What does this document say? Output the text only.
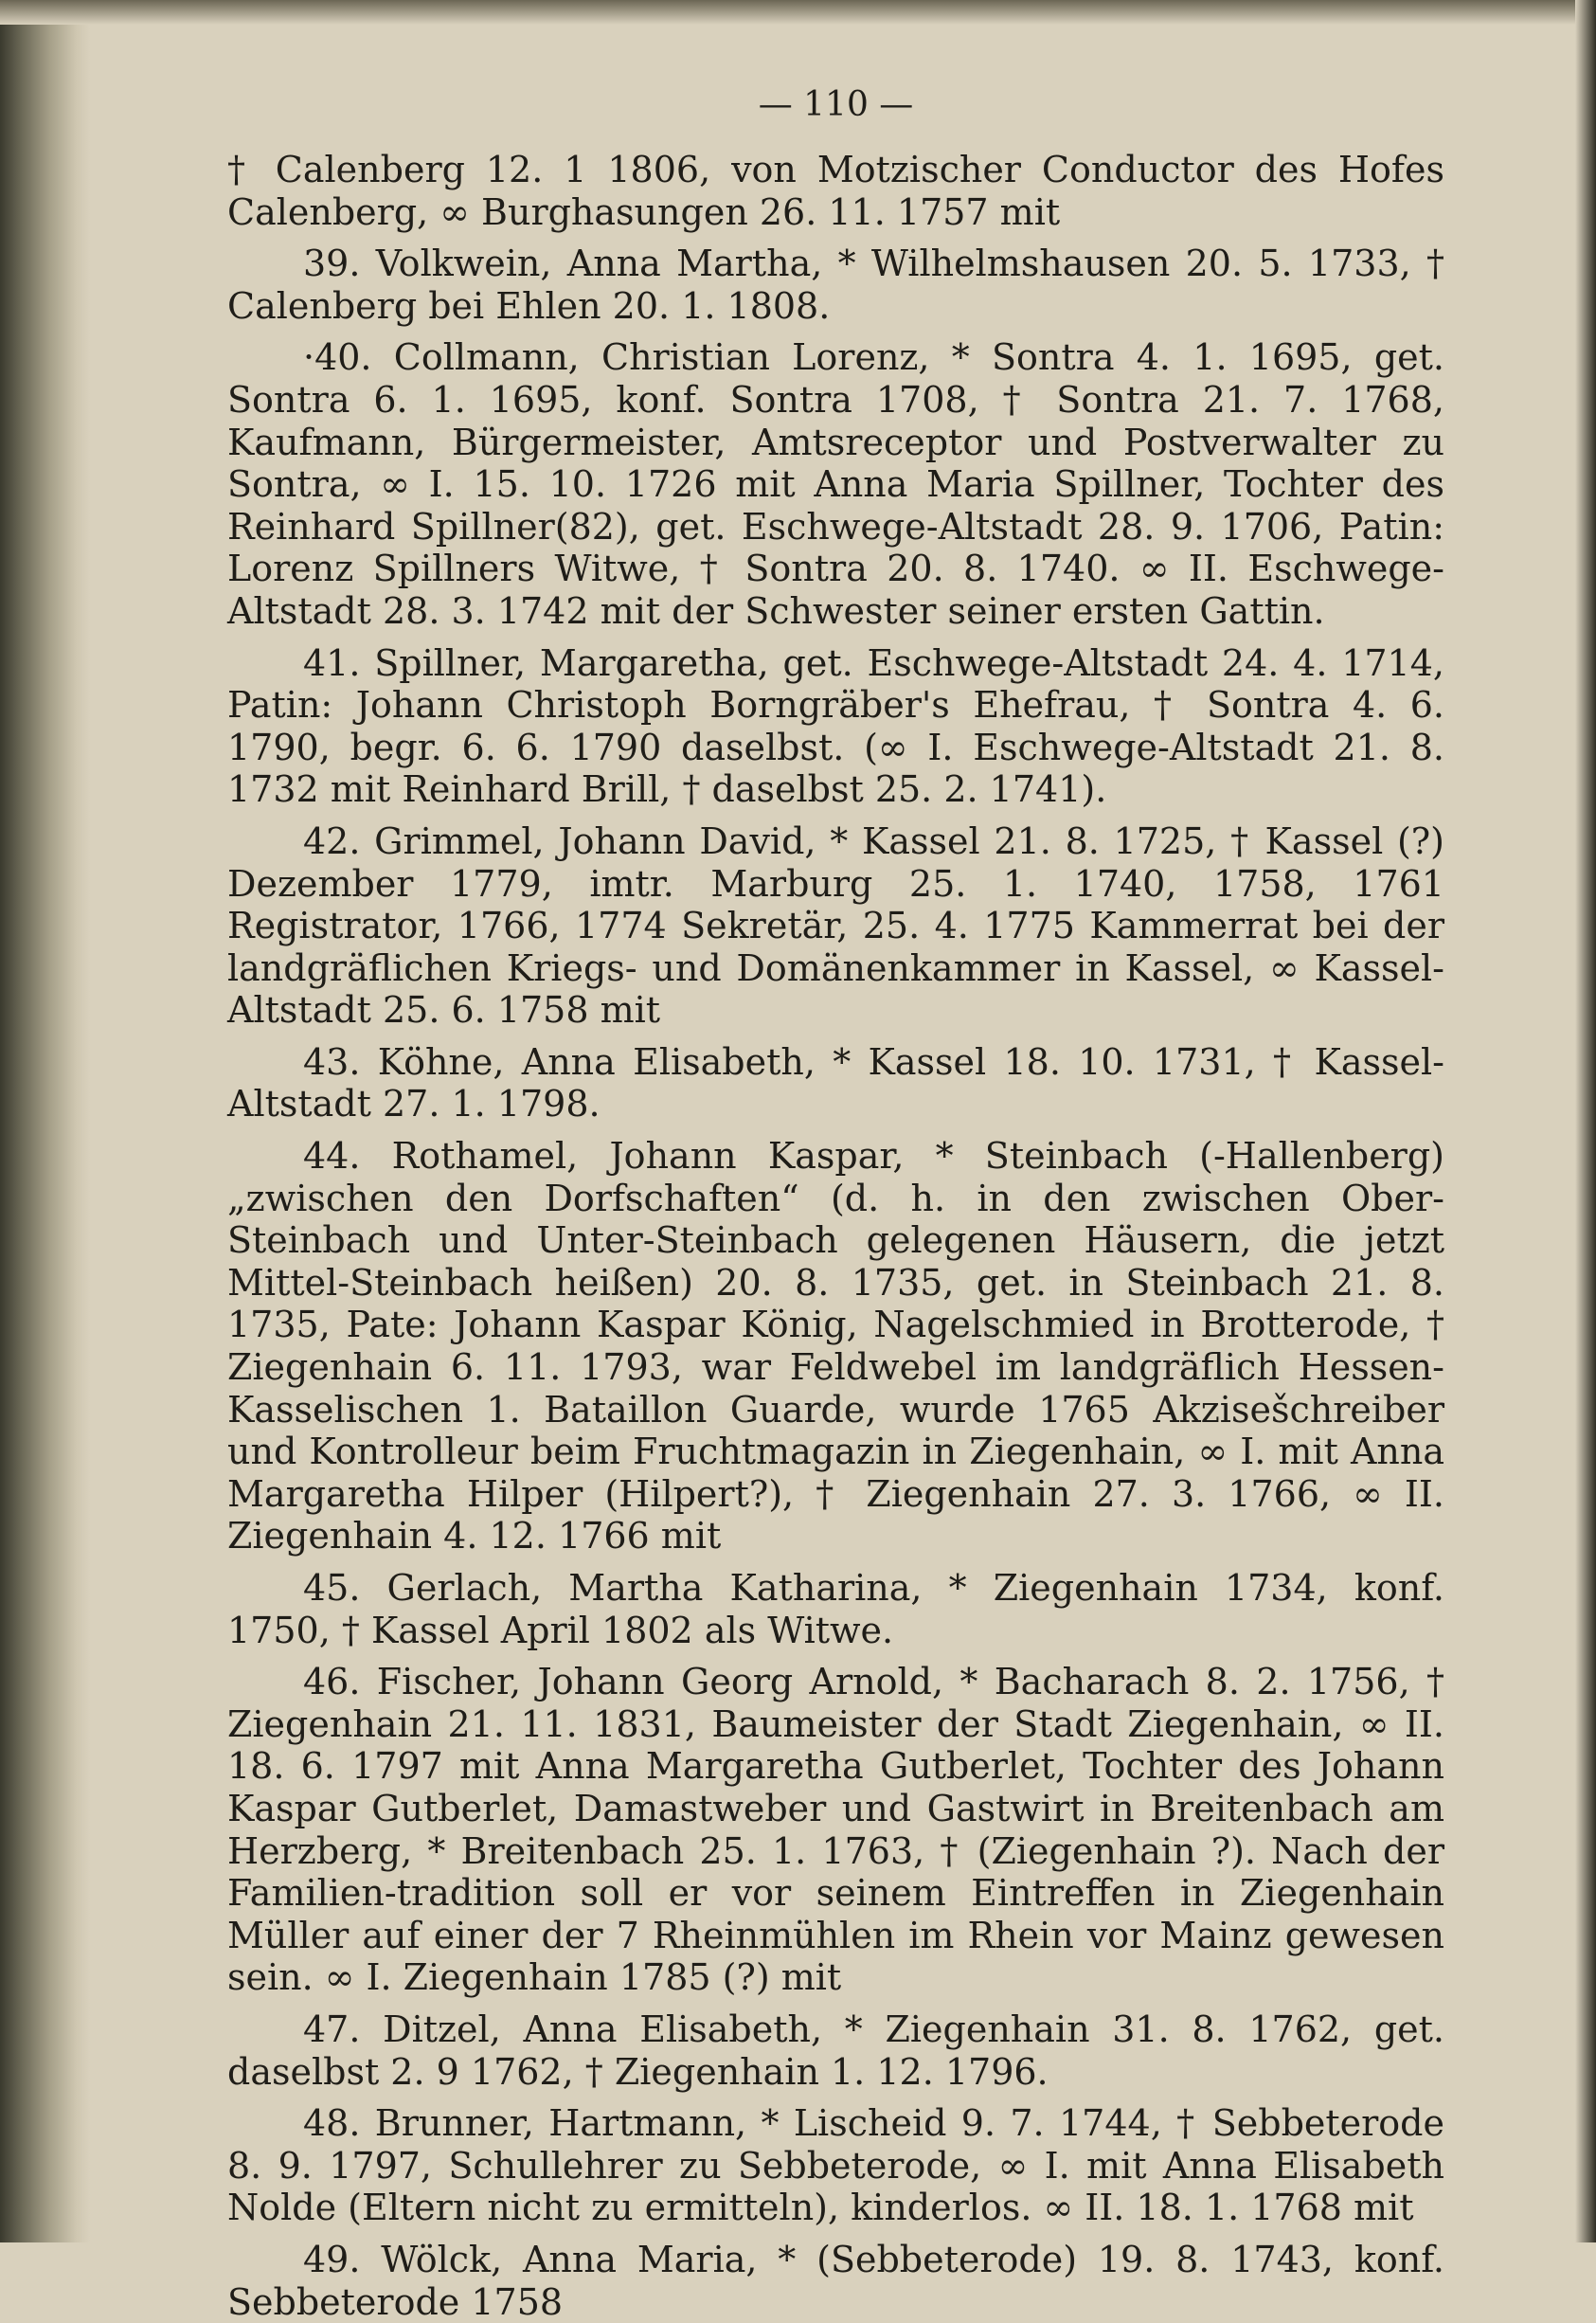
— 110 —

† Calenberg 12. 1 1806, von Motzischer Conductor des Hofes Calenberg, ∞ Burghasungen 26. 11. 1757 mit

39. Volkwein, Anna Martha, * Wilhelmshausen 20. 5. 1733, † Calenberg bei Ehlen 20. 1. 1808.

·40. Collmann, Christian Lorenz, * Sontra 4. 1. 1695, get. Sontra 6. 1. 1695, konf. Sontra 1708, † Sontra 21. 7. 1768, Kaufmann, Bürgermeister, Amtsreceptor und Postverwalter zu Sontra, ∞ I. 15. 10. 1726 mit Anna Maria Spillner, Tochter des Reinhard Spillner(82), get. Eschwege-Altstadt 28. 9. 1706, Patin: Lorenz Spillners Witwe, † Sontra 20. 8. 1740. ∞ II. Eschwege-Altstadt 28. 3. 1742 mit der Schwester seiner ersten Gattin.

41. Spillner, Margaretha, get. Eschwege-Altstadt 24. 4. 1714, Patin: Johann Christoph Borngräber's Ehefrau, † Sontra 4. 6. 1790, begr. 6. 6. 1790 daselbst. (∞ I. Eschwege-Altstadt 21. 8. 1732 mit Reinhard Brill, † daselbst 25. 2. 1741).

42. Grimmel, Johann David, * Kassel 21. 8. 1725, † Kassel (?) Dezember 1779, imtr. Marburg 25. 1. 1740, 1758, 1761 Registrator, 1766, 1774 Sekretär, 25. 4. 1775 Kammerrat bei der landgräflichen Kriegs- und Domänenkammer in Kassel, ∞ Kassel-Altstadt 25. 6. 1758 mit

43. Köhne, Anna Elisabeth, * Kassel 18. 10. 1731, † Kassel-Altstadt 27. 1. 1798.

44. Rothamel, Johann Kaspar, * Steinbach (-Hallenberg) „zwischen den Dorfschaften“ (d. h. in den zwischen Ober-Steinbach und Unter-Steinbach gelegenen Häusern, die jetzt Mittel-Steinbach heißen) 20. 8. 1735, get. in Steinbach 21. 8. 1735, Pate: Johann Kaspar König, Nagelschmied in Brotterode, † Ziegenhain 6. 11. 1793, war Feldwebel im landgräflich Hessen-Kasselischen 1. Bataillon Guarde, wurde 1765 Akzisešchreiber und Kontrolleur beim Fruchtmagazin in Ziegenhain, ∞ I. mit Anna Margaretha Hilper (Hilpert?), † Ziegenhain 27. 3. 1766, ∞ II. Ziegenhain 4. 12. 1766 mit

45. Gerlach, Martha Katharina, * Ziegenhain 1734, konf. 1750, † Kassel April 1802 als Witwe.

46. Fischer, Johann Georg Arnold, * Bacharach 8. 2. 1756, † Ziegenhain 21. 11. 1831, Baumeister der Stadt Ziegenhain, ∞ II. 18. 6. 1797 mit Anna Margaretha Gutberlet, Tochter des Johann Kaspar Gutberlet, Damastweber und Gastwirt in Breitenbach am Herzberg, * Breitenbach 25. 1. 1763, † (Ziegenhain ?). Nach der Familien-tradition soll er vor seinem Eintreffen in Ziegenhain Müller auf einer der 7 Rheinmühlen im Rhein vor Mainz gewesen sein. ∞ I. Ziegenhain 1785 (?) mit

47. Ditzel, Anna Elisabeth, * Ziegenhain 31. 8. 1762, get. daselbst 2. 9 1762, † Ziegenhain 1. 12. 1796.

48. Brunner, Hartmann, * Lischeid 9. 7. 1744, † Sebbeterode 8. 9. 1797, Schullehrer zu Sebbeterode, ∞ I. mit Anna Elisabeth Nolde (Eltern nicht zu ermitteln), kinderlos. ∞ II. 18. 1. 1768 mit

49. Wölck, Anna Maria, * (Sebbeterode) 19. 8. 1743, konf. Sebbeterode 1758
